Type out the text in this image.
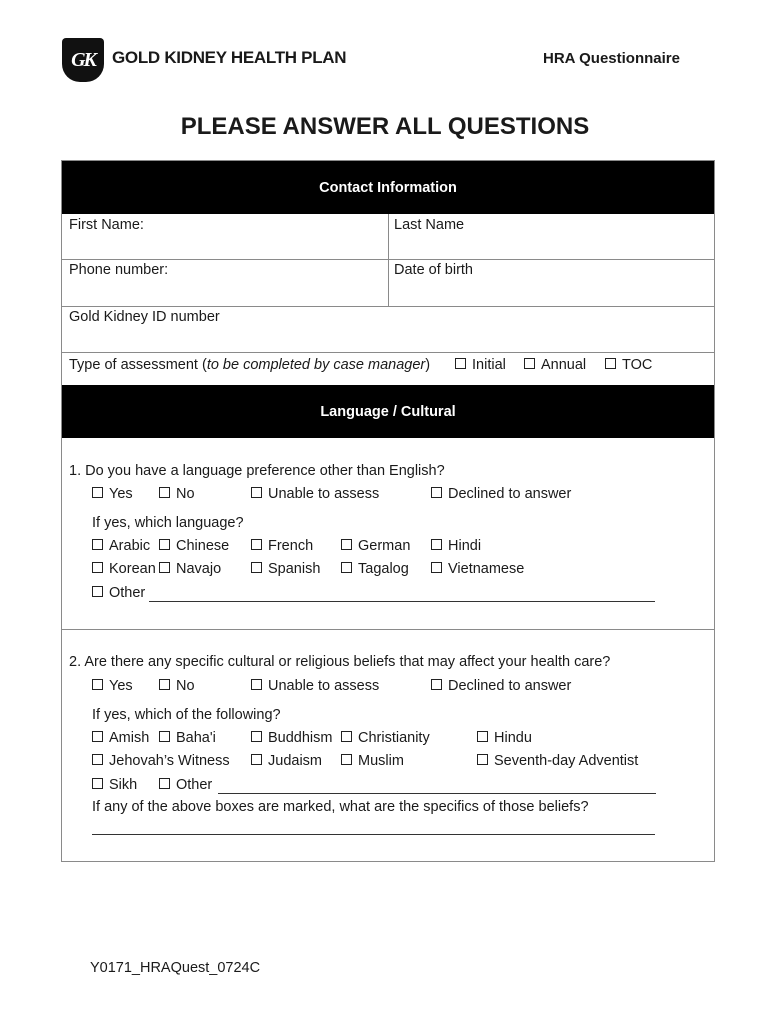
GK	GOLD KIDNEY HEALTH PLAN	HRA Questionnaire
PLEASE ANSWER ALL QUESTIONS
Contact Information
First Name:	Last Name
Phone number:	Date of birth
Gold Kidney ID number
Type of assessment (to be completed by case manager)	Initial	Annual	TOC
Language / Cultural
1. Do you have a language preference other than English?
Yes	No	Unable to assess	Declined to answer
If yes, which language?
Arabic	Chinese	French	German	Hindi
Korean	Navajo	Spanish	Tagalog	Vietnamese
Other
2. Are there any specific cultural or religious beliefs that may affect your health care?
Yes	No	Unable to assess	Declined to answer
If yes, which of the following?
Amish	Baha'i	Buddhism	Christianity	Hindu
Jehovah’s Witness	Judaism	Muslim	Seventh-day Adventist
Sikh	Other
If any of the above boxes are marked, what are the specifics of those beliefs?
Y0171_HRAQuest_0724C
